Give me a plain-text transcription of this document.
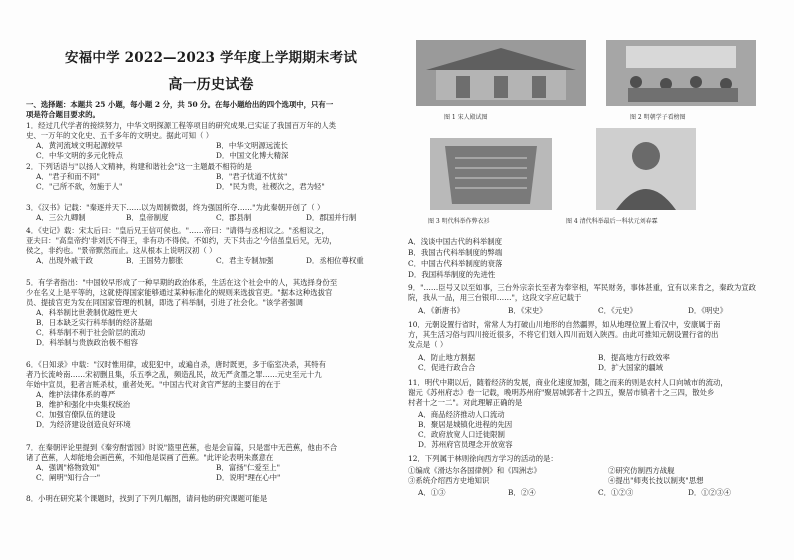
安福中学 2022—2023 学年度上学期期末考试
高一历史试卷
一、选择题：本题共 25 小题，每小题 2 分，共 50 分。在每小题给出的四个选项中，只有一
项是符合题目要求的。
1．经过几代学者的接续努力，中华文明探源工程等项目的研究成果,已实证了我国百万年的人类
史、一万年的文化史、五千多年的文明史。据此可知（ ）
A．黄河流域文明起源较早	B．中华文明源远流长
C．中华文明的多元化特点	D．中国文化博大精深
2．下列话语与"以扬人文精神，构建和谐社会"这一主题最不相符的是
A．"君子和而不同"	B．"君子忧道不忧贫"
C．"己所不欲，勿施于人"	D．"民为贵，社稷次之，君为轻"
3．《汉书》记载："秦逐并天下……以为周制微弱，终为强国所夺……"为此秦朝开创了（ ）
A．三公九卿制	B．皇帝制度	C．郡县制	D．郡国并行制
4．《史记》载：宋太后曰："皇后兄王信可侯也。"……帝曰："请得与丞相议之。"丞相议之，
亚夫曰："高皇帝约'非刘氏不得王，非有功不得侯。不如约，天下共击之'今信虽皇后兄，无功，
侯之，非约也。"景帝默然而止。这从根本上说明汉初（ ）
A．出现外戚干政	B．王国势力膨胀	C．君主专制加强	D．丞相位尊权重
5．有学者指出："中国较早形成了一种早期的政治体系，生活在这个社会中的人，其选择身份至
少在名义上是平等的，这就使得国家能够通过某种标准化的规则来选拔官吏。"据本这种选拔官
员、提拔官吏为发在同国家管理的机制，即选了科举制，引进了社会化。"该学者强调
A．科举制比世袭制优越性更大
B．日本缺乏实行科举制的经济基础
C．科举制不利于社会阶层的流动
D．科举制与贵族政治极不相容
6．《日知录》中载："汉时惟用律，或犯犯中，或遍自杀，唐时既更，多于临室决杀，其特有
者乃长流岭南……宋初删且集，乐五季之乱，频造乱民，故无严贪墨之罪……元史至元十九
年始中宣员，犯者言赃杀杖，重者处死。"中国古代对贪官严惩的主要目的在于
A．维护法律体系的尊严
B．维护和强化中央集权统治
C．加强官僚队伍的建设
D．为经济建设创造良好环境
7．在秦朝评论里提到《秦穷酎雷园》时说"篮里芭蕉，也是会盲篇，只是雷中无芭蕉，他由不合
诸了芭蕉，人却能地会画芭蕉，不知他是误画了芭蕉。"此评论表明朱熹意在
A．强调"格物致知"	B．富扬"仁爱至上"
C．阐明"知行合一"	D．说明"理在心中"
8．小明在研究某个课题时，找到了下列几幅图，请问他的研究课题可能是
图 1 宋人殿试图	图 2 明朝学子看榜图
图 3 明代科举作弊衣衫	图 4 清代科举最后一科状元刘春霖
A．浅谈中国古代的科举制度
B．我国古代科举制度的弊端
C．中国古代科举制度的衰落
D．我国科举制度的先进性
9．"……臣号又以至如事，三台外宗亲长至者为奉宰相，军民财务，事体甚重，宜有以来肯之，秦政为宣政
院，我从一品，用三台银印……"，这段文字应记载于
A．《新唐书》	B．《宋史》	C．《元史》	D．《明史》
10．元朝设置行省时，常常人为打破山川地形的自然疆界，如从地理位置上看汉中，安康属于南
方，其生活习俗与四川接近很多，不将它们划入四川而划入陕西。由此可推知元朝设置行省的出
发点是（ ）
A．防止地方割据	B．提高地方行政效率
C．促进行政合合	D．扩大国家的疆域
11．明代中期以后，随着经济的发展，商业化速度加强，随之而来的则是农村人口向城市的流动，
谢元《苏州府志》卷一记载，晚明苏州府"聚居城郭者十之四五，聚居市镇者十之三四，散处乡
村者十之一二"。对此理解正确的是
A．商品经济推动人口流动
B．聚居是城镇化进程的先因
C．政府放宽人口迁徙限制
D．苏州府官员理念开放宽容
12．下列属于林则徐向西方学习的活动的是：
①编成《滑达尔各国律例》和《四洲志》	②研究仿制西方战舰
③系统介绍西方史地知识	④提出"师夷长技以制夷"思想
A．①③	B．②④	C．①②③	D．①②③④
